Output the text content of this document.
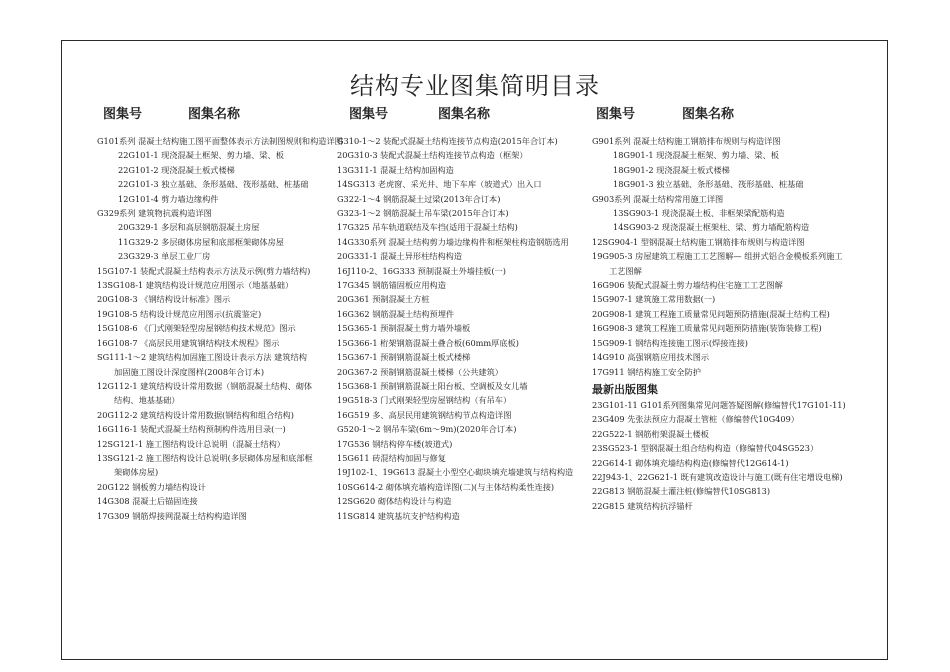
结构专业图集简明目录
图集号	图集名称
G101系列 混凝土结构施工图平面整体表示方法制图规则和构造详图
22G101-1 现浇混凝土框架、剪力墙、梁、板
22G101-2 现浇混凝土板式楼梯
22G101-3 独立基础、条形基础、筏形基础、桩基础
12G101-4 剪力墙边缘构件
G329系列 建筑物抗震构造详图
20G329-1 多层和高层钢筋混凝土房屋
11G329-2 多层砌体房屋和底部框架砌体房屋
23G329-3 单层工业厂房
15G107-1 装配式混凝土结构表示方法及示例(剪力墙结构)
13SG108-1 建筑结构设计规范应用图示（地基基础）
20G108-3 《钢结构设计标准》图示
19G108-5 结构设计规范应用图示(抗震鉴定)
15G108-6 《门式刚架轻型房屋钢结构技术规范》图示
16G108-7 《高层民用建筑钢结构技术规程》图示
SG111-1～2 建筑结构加固施工图设计表示方法 建筑结构
加固施工图设计深度图样(2008年合订本)
12G112-1 建筑结构设计常用数据（钢筋混凝土结构、砌体
结构、地基基础）
20G112-2 建筑结构设计常用数据(钢结构和组合结构)
16G116-1 装配式混凝土结构预制构件选用目录(一)
12SG121-1 施工图结构设计总说明（混凝土结构）
13SG121-2 施工图结构设计总说明(多层砌体房屋和底部框
架砌体房屋)
20G122 钢板剪力墙结构设计
14G308 混凝土后锚固连接
17G309 钢筋焊接网混凝土结构构造详图
图集号	图集名称
G310-1～2 装配式混凝土结构连接节点构造(2015年合订本)
20G310-3 装配式混凝土结构连接节点构造（框架）
13G311-1 混凝土结构加固构造
14SG313 老虎窗、采光井、地下车库（坡道式）出入口
G322-1～4 钢筋混凝土过梁(2013年合订本)
G323-1～2 钢筋混凝土吊车梁(2015年合订本)
17G325 吊车轨道联结及车挡(适用于混凝土结构)
14G330系列 混凝土结构剪力墙边缘构件和框架柱构造钢筋选用
20G331-1 混凝土异形柱结构构造
16J110-2、16G333 预制混凝土外墙挂板(一)
17G345 钢筋锚固板应用构造
20G361 预制混凝土方桩
16G362 钢筋混凝土结构预埋件
15G365-1 预制混凝土剪力墙外墙板
15G366-1 桁架钢筋混凝土叠合板(60mm厚底板)
15G367-1 预制钢筋混凝土板式楼梯
20G367-2 预制钢筋混凝土楼梯（公共建筑）
15G368-1 预制钢筋混凝土阳台板、空调板及女儿墙
19G518-3 门式刚架轻型房屋钢结构（有吊车）
16G519 多、高层民用建筑钢结构节点构造详图
G520-1～2 钢吊车梁(6m～9m)(2020年合订本)
17G536 钢结构停车楼(坡道式)
15G611 砖混结构加固与修复
19J102-1、19G613 混凝土小型空心砌块填充墙建筑与结构构造
10SG614-2 砌体填充墙构造详图(二)(与主体结构柔性连接)
12SG620 砌体结构设计与构造
11SG814 建筑基坑支护结构构造
图集号	图集名称
G901系列 混凝土结构施工钢筋排布规则与构造详图
18G901-1 现浇混凝土框架、剪力墙、梁、板
18G901-2 现浇混凝土板式楼梯
18G901-3 独立基础、条形基础、筏形基础、桩基础
G903系列 混凝土结构常用施工详图
13SG903-1 现浇混凝土板、非框架梁配筋构造
14SG903-2 现浇混凝土框架柱、梁、剪力墙配筋构造
12SG904-1 型钢混凝土结构施工钢筋排布规则与构造详图
19G905-3 房屋建筑工程施工工艺图解— 组拼式铝合金模板系列施工
工艺图解
16G906 装配式混凝土剪力墙结构住宅施工工艺图解
15G907-1 建筑施工常用数据(一)
20G908-1 建筑工程施工质量常见问题预防措施(混凝土结构工程)
16G908-3 建筑工程施工质量常见问题预防措施(装饰装修工程)
15G909-1 钢结构连接施工图示(焊接连接)
14G910 高强钢筋应用技术图示
17G911 钢结构施工安全防护
最新出版图集
23G101-11 G101系列图集常见问题答疑图解(修编替代17G101-11)
23G409 先张法预应力混凝土管桩（修编替代10G409）
22G522-1 钢筋桁架混凝土楼板
23SG523-1 型钢混凝土组合结构构造（修编替代04SG523）
22G614-1 砌体填充墙结构构造(修编替代12G614-1)
22J943-1、22G621-1 既有建筑改造设计与施工(既有住宅增设电梯)
22G813 钢筋混凝土灌注桩(修编替代10SG813)
22G815 建筑结构抗浮锚杆
